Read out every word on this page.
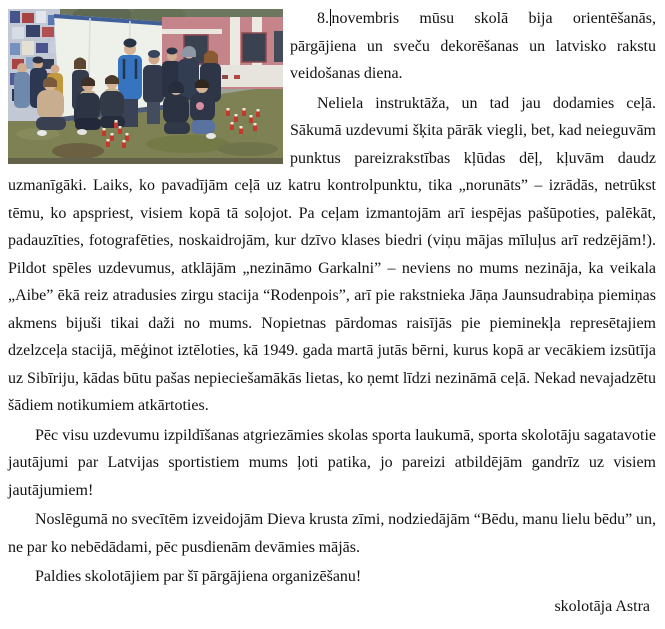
8. novembris mūsu skolā bija orientēšanās, pārgājiena un sveču dekorēšanas un latvisko rakstu veidošanas diena.

Neliela instruktāža, un tad jau dodamies ceļā. Sākumā uzdevumi šķita pārāk viegli, bet, kad neieguvām punktus pareizrakstības kļūdas dēļ, kļuvām daudz uzmanīgāki. Laiks, ko pavadījām ceļā uz katru kontrolpunktu, tika „norunāts” – izrādās, netrūkst tēmu, ko apspriest, visiem kopā tā soļojot. Pa ceļam izmantojām arī iespējas pašūpoties, palēkāt, padauzīties, fotografēties, noskaidrojām, kur dzīvo klases biedri (viņu mājas mīluļus arī redzējām!). Pildot spēles uzdevumus, atklājām „nezināmo Garkalni” – neviens no mums nezināja, ka veikala „Aibe” ēkā reiz atradusies zirgu stacija “Rodenpois”, arī pie rakstnieka Jāņa Jaunsudrabiņa piemiņas akmens bijuši tikai daži no mums. Nopietnas pārdomas raisījās pie pieminekļa represētajiem dzelzceļa stacijā, mēģinot iztēloties, kā 1949. gada martā jutās bērni, kurus kopā ar vecākiem izsūtīja uz Sibīriju, kādas būtu pašas nepieciešamākās lietas, ko ņemt līdzi nezināmā ceļā. Nekad nevajadzētu šādiem notikumiem atkārtoties.

Pēc visu uzdevumu izpildīšanas atgriezāmies skolas sporta laukumā, sporta skolotāju sagatavotie jautājumi par Latvijas sportistiem mums ļoti patika, jo pareizi atbildējām gandrīz uz visiem jautājumiem!

Noslēgumā no svecītēm izveidojām Dieva krusta zīmi, nodziedājām “Bēdu, manu lielu bēdu” un, ne par ko nebēdādami, pēc pusdienām devāmies mājās.

Paldies skolotājiem par šī pārgājiena organizēšanu!

skolotāja Astra
